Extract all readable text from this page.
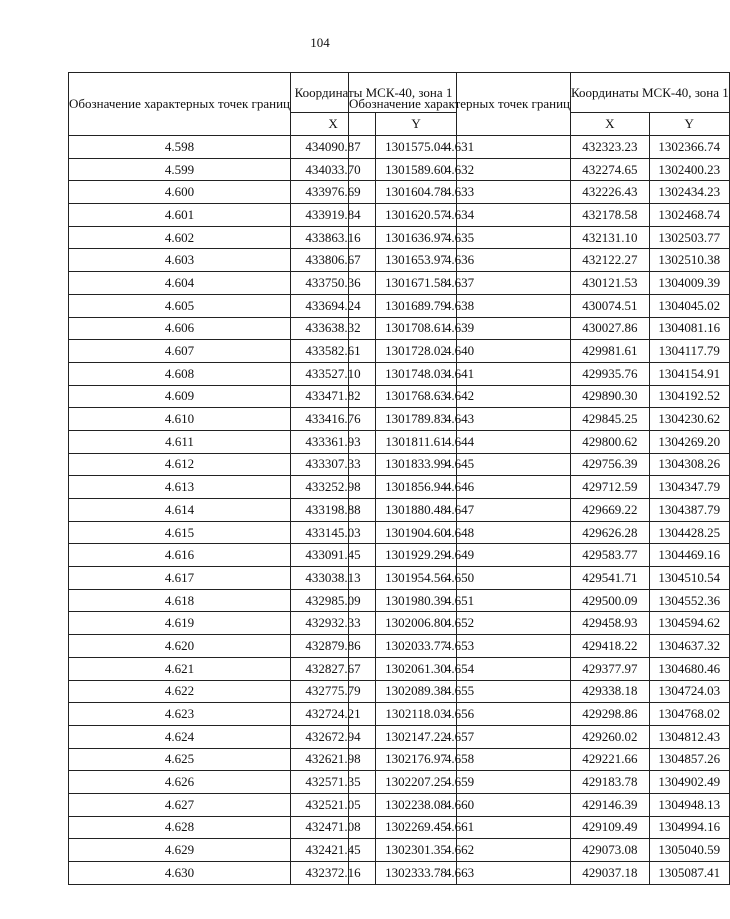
104
Обозначение характерных точек границ	Координаты МСК-40, зона 1	
	X	Y
4.598	434090.87	1301575.04
4.599	434033.70	1301589.60
4.600	433976.69	1301604.78
4.601	433919.84	1301620.57
4.602	433863.16	1301636.97
4.603	433806.67	1301653.97
4.604	433750.36	1301671.58
4.605	433694.24	1301689.79
4.606	433638.32	1301708.61
4.607	433582.61	1301728.02
4.608	433527.10	1301748.03
4.609	433471.82	1301768.63
4.610	433416.76	1301789.83
4.611	433361.93	1301811.61
4.612	433307.33	1301833.99
4.613	433252.98	1301856.94
4.614	433198.88	1301880.48
4.615	433145.03	1301904.60
4.616	433091.45	1301929.29
4.617	433038.13	1301954.56
4.618	432985.09	1301980.39
4.619	432932.33	1302006.80
4.620	432879.86	1302033.77
4.621	432827.67	1302061.30
4.622	432775.79	1302089.38
4.623	432724.21	1302118.03
4.624	432672.94	1302147.22
4.625	432621.98	1302176.97
4.626	432571.35	1302207.25
4.627	432521.05	1302238.08
4.628	432471.08	1302269.45
4.629	432421.45	1302301.35
4.630	432372.16	1302333.78
Обозначение характерных точек границ	Координаты МСК-40, зона 1	
	X	Y
4.631	432323.23	1302366.74
4.632	432274.65	1302400.23
4.633	432226.43	1302434.23
4.634	432178.58	1302468.74
4.635	432131.10	1302503.77
4.636	432122.27	1302510.38
4.637	430121.53	1304009.39
4.638	430074.51	1304045.02
4.639	430027.86	1304081.16
4.640	429981.61	1304117.79
4.641	429935.76	1304154.91
4.642	429890.30	1304192.52
4.643	429845.25	1304230.62
4.644	429800.62	1304269.20
4.645	429756.39	1304308.26
4.646	429712.59	1304347.79
4.647	429669.22	1304387.79
4.648	429626.28	1304428.25
4.649	429583.77	1304469.16
4.650	429541.71	1304510.54
4.651	429500.09	1304552.36
4.652	429458.93	1304594.62
4.653	429418.22	1304637.32
4.654	429377.97	1304680.46
4.655	429338.18	1304724.03
4.656	429298.86	1304768.02
4.657	429260.02	1304812.43
4.658	429221.66	1304857.26
4.659	429183.78	1304902.49
4.660	429146.39	1304948.13
4.661	429109.49	1304994.16
4.662	429073.08	1305040.59
4.663	429037.18	1305087.41
